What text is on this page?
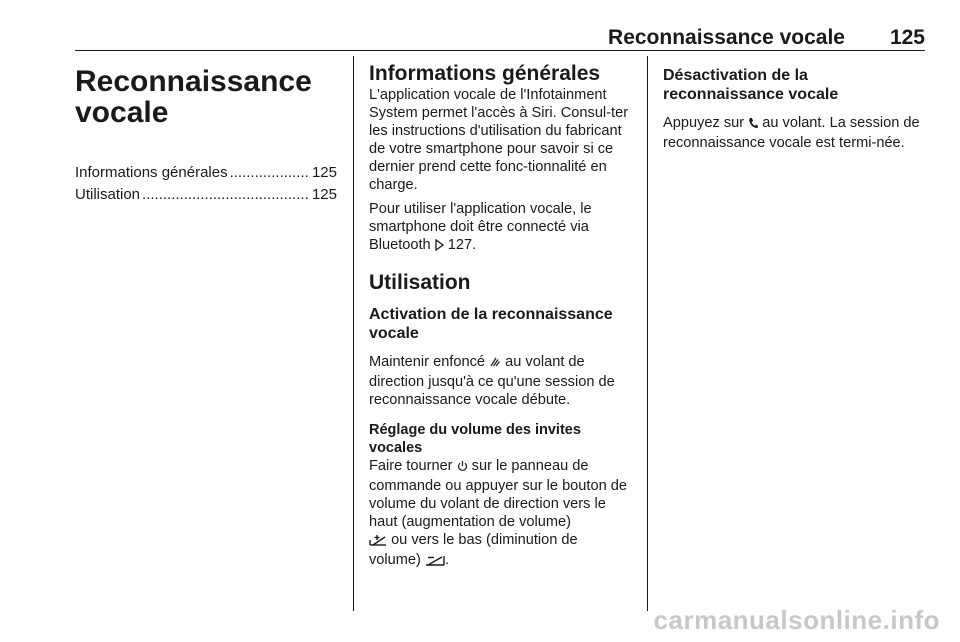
Reconnaissance vocale 125
Reconnaissance
vocale
Informations générales .....	125
Utilisation .....	125
Informations générales

L'application vocale de l'Infotainment System permet l'accès à Siri. Consul-ter les instructions d'utilisation du fabricant de votre smartphone pour savoir si ce dernier prend cette fonc-tionnalité en charge.

Pour utiliser l'application vocale, le smartphone doit être connecté via Bluetooth 127.

Utilisation
Activation de la reconnaissance vocale

Maintenir enfoncé au volant de direction jusqu'à ce qu'une session de reconnaissance vocale débute.

Réglage du volume des invites vocales

Faire tourner sur le panneau de commande ou appuyer sur le bouton de volume du volant de direction vers le haut (augmentation de volume)
ou vers le bas (diminution de volume) .

Désactivation de la reconnaissance vocale

Appuyez sur au volant. La session de reconnaissance vocale est termi-née.

carmanualsonline.info
